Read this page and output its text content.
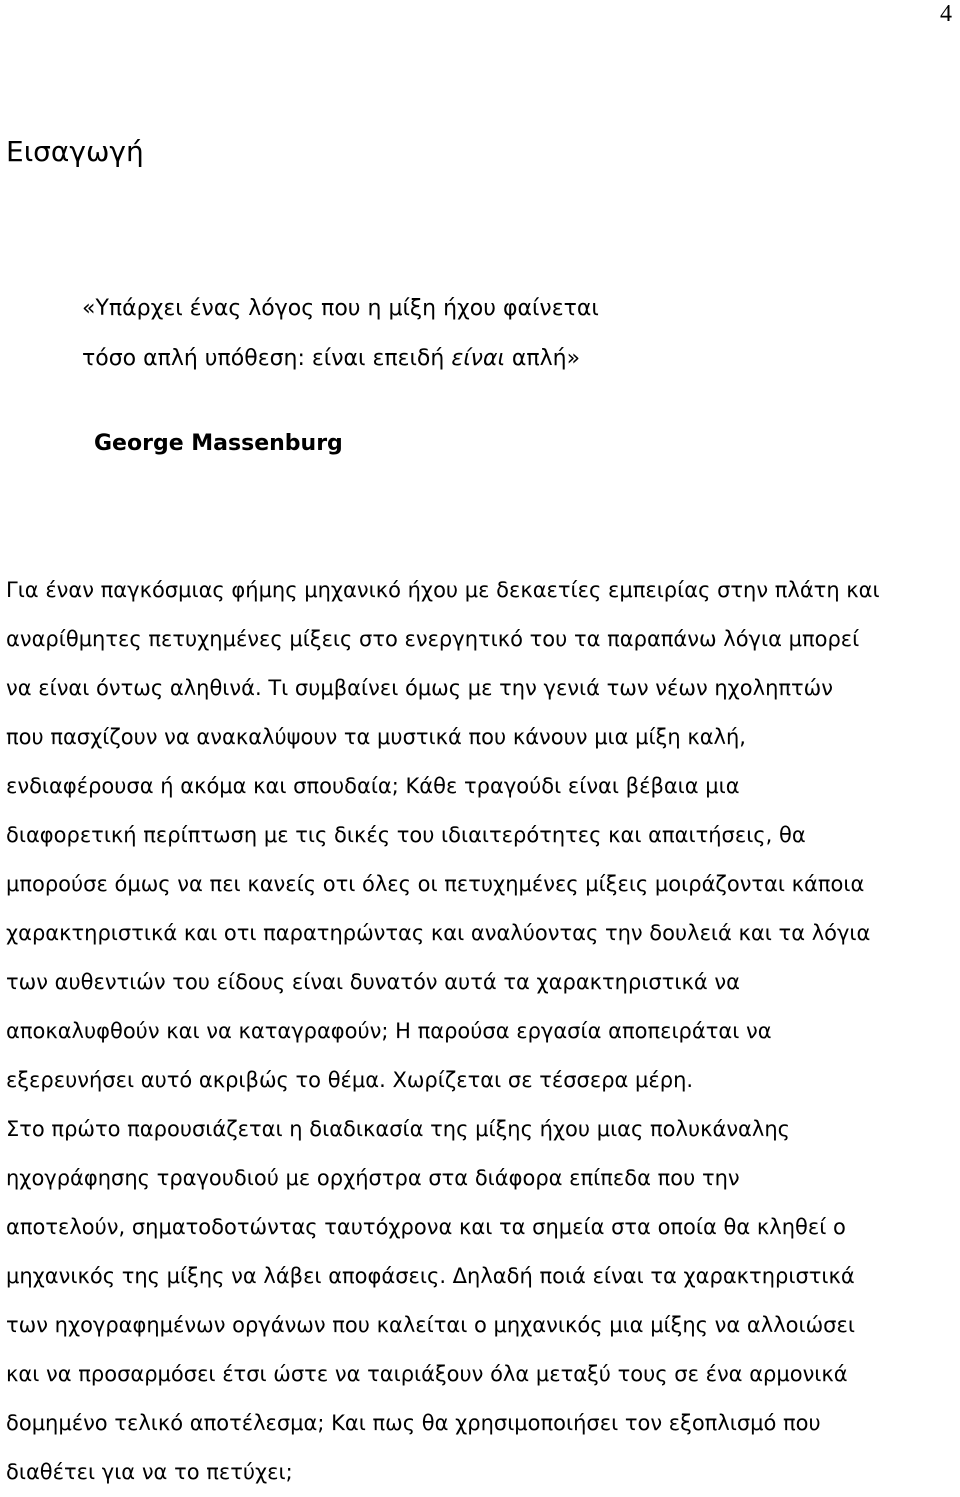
4
Εισαγωγή
«Υπάρχει ένας λόγος που η μίξη ήχου φαίνεται
τόσο απλή υπόθεση: είναι επειδή είναι απλή»
George Massenburg
Για έναν παγκόσμιας φήμης μηχανικό ήχου με δεκαετίες εμπειρίας στην πλάτη και
αναρίθμητες πετυχημένες μίξεις στο ενεργητικό του τα παραπάνω λόγια μπορεί
να είναι όντως αληθινά. Τι συμβαίνει όμως με την γενιά των νέων ηχοληπτών
που πασχίζουν να ανακαλύψουν τα μυστικά που κάνουν μια μίξη καλή,
ενδιαφέρουσα ή ακόμα και σπουδαία; Κάθε τραγούδι είναι βέβαια μια
διαφορετική περίπτωση με τις δικές του ιδιαιτερότητες και απαιτήσεις, θα
μπορούσε όμως να πει κανείς οτι όλες οι πετυχημένες μίξεις μοιράζονται κάποια
χαρακτηριστικά και οτι παρατηρώντας και αναλύοντας την δουλειά και τα λόγια
των αυθεντιών του είδους είναι δυνατόν αυτά τα χαρακτηριστικά να
αποκαλυφθούν και να καταγραφούν; Η παρούσα εργασία αποπειράται να
εξερευνήσει αυτό ακριβώς το θέμα. Χωρίζεται σε τέσσερα μέρη.
Στο πρώτο παρουσιάζεται η διαδικασία της μίξης ήχου μιας πολυκάναλης
ηχογράφησης τραγουδιού με ορχήστρα στα διάφορα επίπεδα που την
αποτελούν, σηματοδοτώντας ταυτόχρονα και τα σημεία στα οποία θα κληθεί ο
μηχανικός της μίξης να λάβει αποφάσεις. Δηλαδή ποιά είναι τα χαρακτηριστικά
των ηχογραφημένων οργάνων που καλείται ο μηχανικός μια μίξης να αλλοιώσει
και να προσαρμόσει έτσι ώστε να ταιριάξουν όλα μεταξύ τους σε ένα αρμονικά
δομημένο τελικό αποτέλεσμα; Και πως θα χρησιμοποιήσει τον εξοπλισμό που
διαθέτει για να το πετύχει;
